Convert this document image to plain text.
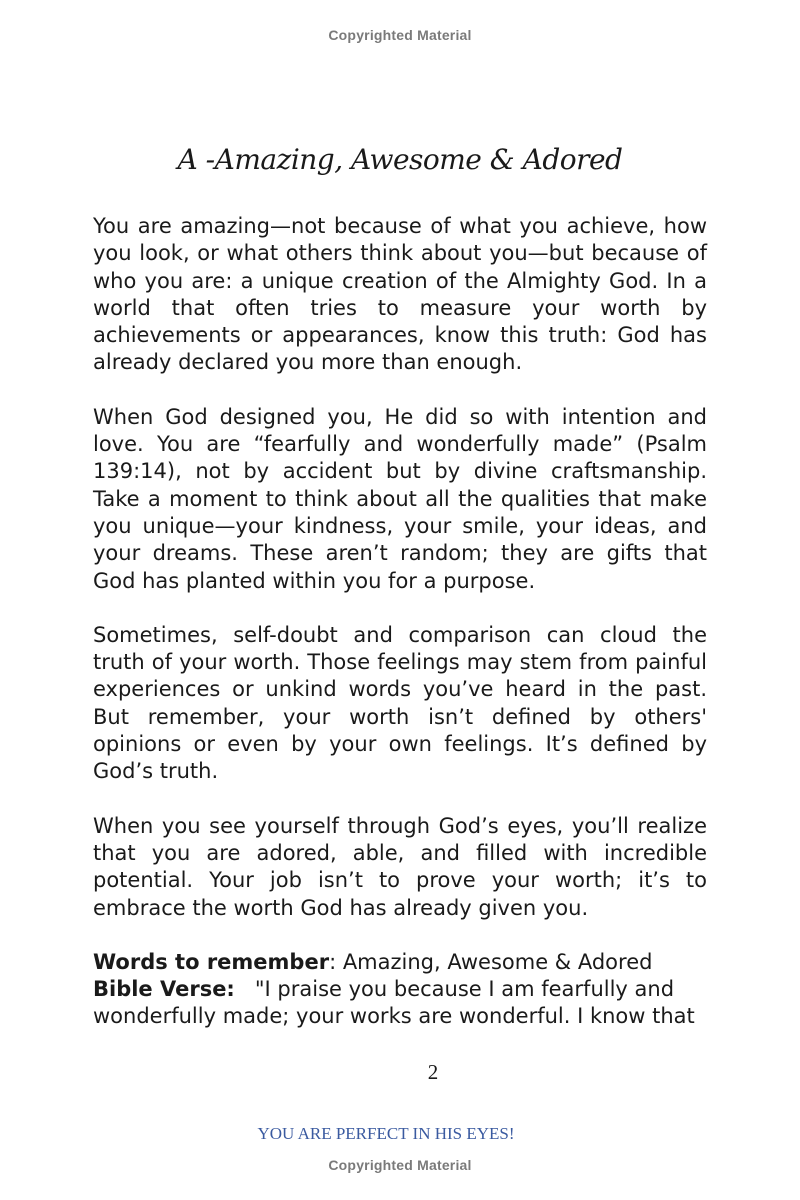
Copyrighted Material
A -Amazing, Awesome & Adored

You are amazing—not because of what you achieve, how you look, or what others think about you—but because of who you are: a unique creation of the Almighty God. In a world that often tries to measure your worth by achievements or appearances, know this truth: God has already declared you more than enough.

When God designed you, He did so with intention and love. You are “fearfully and wonderfully made” (Psalm 139:14), not by accident but by divine craftsmanship. Take a moment to think about all the qualities that make you unique—your kindness, your smile, your ideas, and your dreams. These aren’t random; they are gifts that God has planted within you for a purpose.

Sometimes, self-doubt and comparison can cloud the truth of your worth. Those feelings may stem from painful experiences or unkind words you’ve heard in the past. But remember, your worth isn’t defined by others' opinions or even by your own feelings. It’s defined by God’s truth.

When you see yourself through God’s eyes, you’ll realize that you are adored, able, and filled with incredible potential. Your job isn’t to prove your worth; it’s to embrace the worth God has already given you.

Words to remember: Amazing, Awesome & Adored

Bible Verse:   "I praise you because I am fearfully and wonderfully made; your works are wonderful. I know that

2
YOU ARE PERFECT IN HIS EYES!
Copyrighted Material
